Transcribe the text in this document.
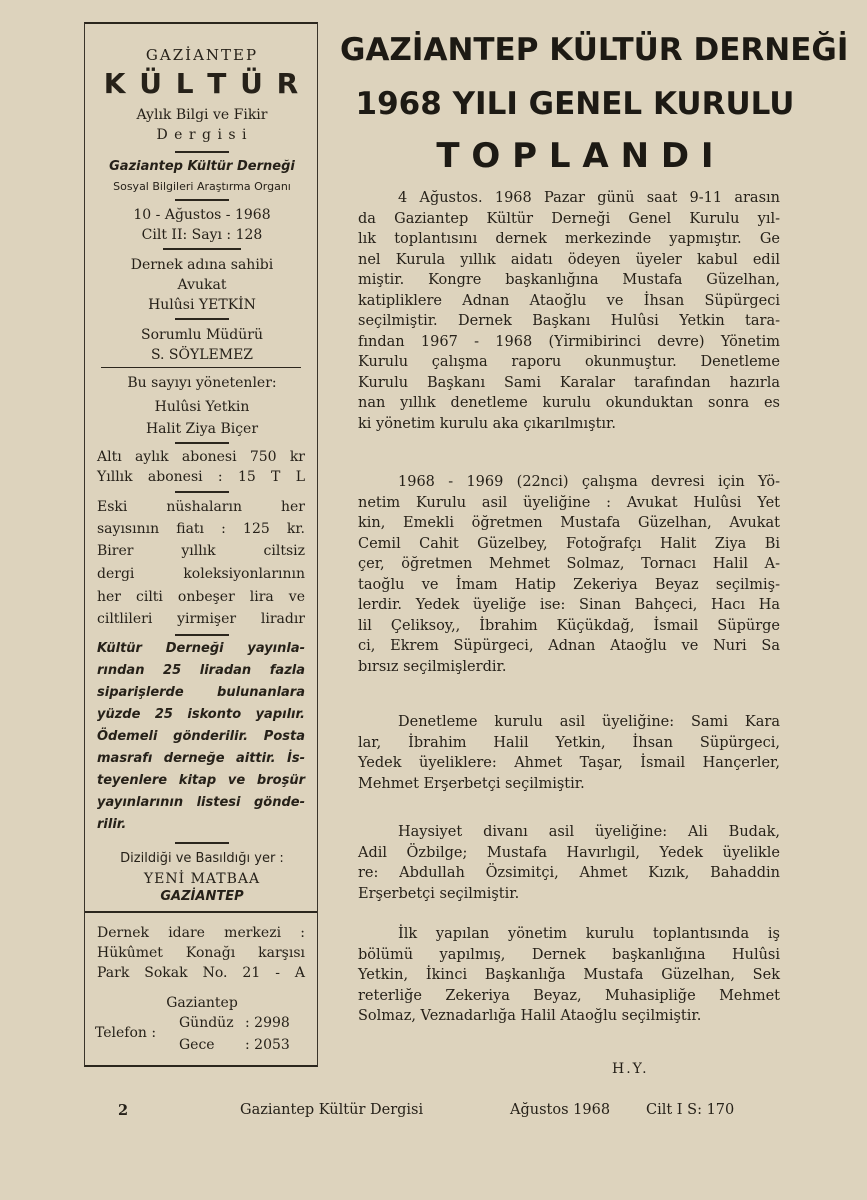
GAZİANTEP
K Ü L T Ü R
Aylık Bilgi ve Fikir
D e r g i s i
Gaziantep Kültür Derneği
Sosyal Bilgileri Araştırma Organı
10 - Ağustos - 1968
Cilt II: Sayı : 128
Dernek adına sahibi
Avukat
Hulûsi YETKİN
Sorumlu Müdürü
S. SÖYLEMEZ
Bu sayıyı yönetenler:
Hulûsi Yetkin
Halit Ziya Biçer
Altı aylık abonesi 750 kr
Yıllık abonesi : 15 T L
Eski nüshaların her
sayısının fiatı : 125 kr.
Birer yıllık ciltsiz
dergi koleksiyonlarının
her cilti onbeşer lira ve
ciltlileri yirmişer liradır
Kültür Derneği yayınla-
rından 25 liradan fazla
siparişlerde bulunanlara
yüzde 25 iskonto yapılır.
Ödemeli gönderilir. Posta
masrafı derneğe aittir. İs-
teyenlere kitap ve broşür
yayınlarının listesi gönde-
rilir.
Dizildiği ve Basıldığı yer :
YENİ MATBAA
GAZİANTEP
Dernek idare merkezi :
Hükûmet Konağı karşısı
Park Sokak No. 21 - A
Gaziantep
Telefon :
Gündüz : 2998
Gece	: 2053
GAZİANTEP KÜLTÜR DERNEĞİ
1968 YILI GENEL KURULU
T O P L A N D I
4 Ağustos. 1968 Pazar günü saat 9-11 arasın
da Gaziantep Kültür Derneği Genel Kurulu yıl-
lık toplantısını dernek merkezinde yapmıştır. Ge
nel Kurula yıllık aidatı ödeyen üyeler kabul edil
miştir. Kongre başkanlığına Mustafa Güzelhan,
katipliklere Adnan Ataoğlu ve İhsan Süpürgeci
seçilmiştir. Dernek Başkanı Hulûsi Yetkin tara-
fından 1967 - 1968 (Yirmibirinci devre) Yönetim
Kurulu çalışma raporu okunmuştur. Denetleme
Kurulu Başkanı Sami Karalar tarafından hazırla
nan yıllık denetleme kurulu okunduktan sonra es
ki yönetim kurulu aka çıkarılmıştır.
1968 - 1969 (22nci) çalışma devresi için Yö-
netim Kurulu asil üyeliğine : Avukat Hulûsi Yet
kin, Emekli öğretmen Mustafa Güzelhan, Avukat
Cemil Cahit Güzelbey, Fotoğrafçı Halit Ziya Bi
çer, öğretmen Mehmet Solmaz, Tornacı Halil A-
taoğlu ve İmam Hatip Zekeriya Beyaz seçilmiş-
lerdir. Yedek üyeliğe ise: Sinan Bahçeci, Hacı Ha
lil Çeliksoy,, İbrahim Küçükdağ, İsmail Süpürge
ci, Ekrem Süpürgeci, Adnan Ataoğlu ve Nuri Sa
bırsız seçilmişlerdir.
Denetleme kurulu asil üyeliğine: Sami Kara
lar, İbrahim Halil Yetkin, İhsan Süpürgeci,
Yedek üyeliklere: Ahmet Taşar, İsmail Hançerler,
Mehmet Erşerbetçi seçilmiştir.
Haysiyet divanı asil üyeliğine: Ali Budak,
Adil Özbilge; Mustafa Havırlıgil, Yedek üyelikle
re: Abdullah Özsimitçi, Ahmet Kızık, Bahaddin
Erşerbetçi seçilmiştir.
İlk yapılan yönetim kurulu toplantısında iş
bölümü yapılmış, Dernek başkanlığına Hulûsi
Yetkin, İkinci Başkanlığa Mustafa Güzelhan, Sek
reterliğe Zekeriya Beyaz, Muhasipliğe Mehmet
Solmaz, Veznadarlığa Halil Ataoğlu seçilmiştir.
H.Y.
2	Gaziantep Kültür Dergisi	Ağustos 1968 Cilt I S: 170
